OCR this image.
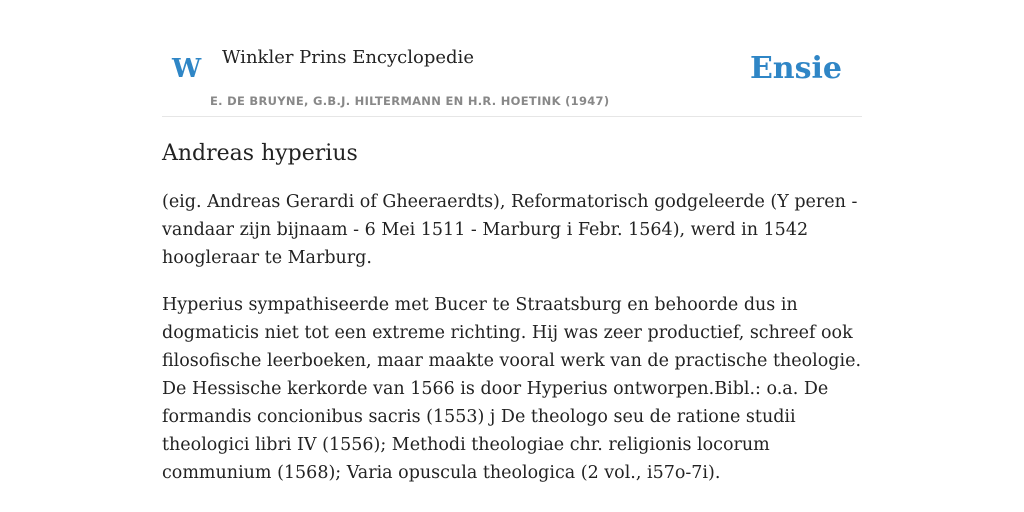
W Winkler Prins Encyclopedie
E. DE BRUYNE, G.B.J. HILTERMANN EN H.R. HOETINK (1947)
Ensie
Andreas hyperius

(eig. Andreas Gerardi of Gheeraerdts), Reformatorisch godgeleerde (Y peren - vandaar zijn bijnaam - 6 Mei 1511 - Marburg i Febr. 1564), werd in 1542 hoogleraar te Marburg.

Hyperius sympathiseerde met Bucer te Straatsburg en behoorde dus in dogmaticis niet tot een extreme richting. Hij was zeer productief, schreef ook filosofische leerboeken, maar maakte vooral werk van de practische theologie. De Hessische kerkorde van 1566 is door Hyperius ontworpen.Bibl.: o.a. De formandis concionibus sacris (1553) j De theologo seu de ratione studii theologici libri IV (1556); Methodi theologiae chr. religionis locorum communium (1568); Varia opuscula theologica (2 vol., i57o-7i).
